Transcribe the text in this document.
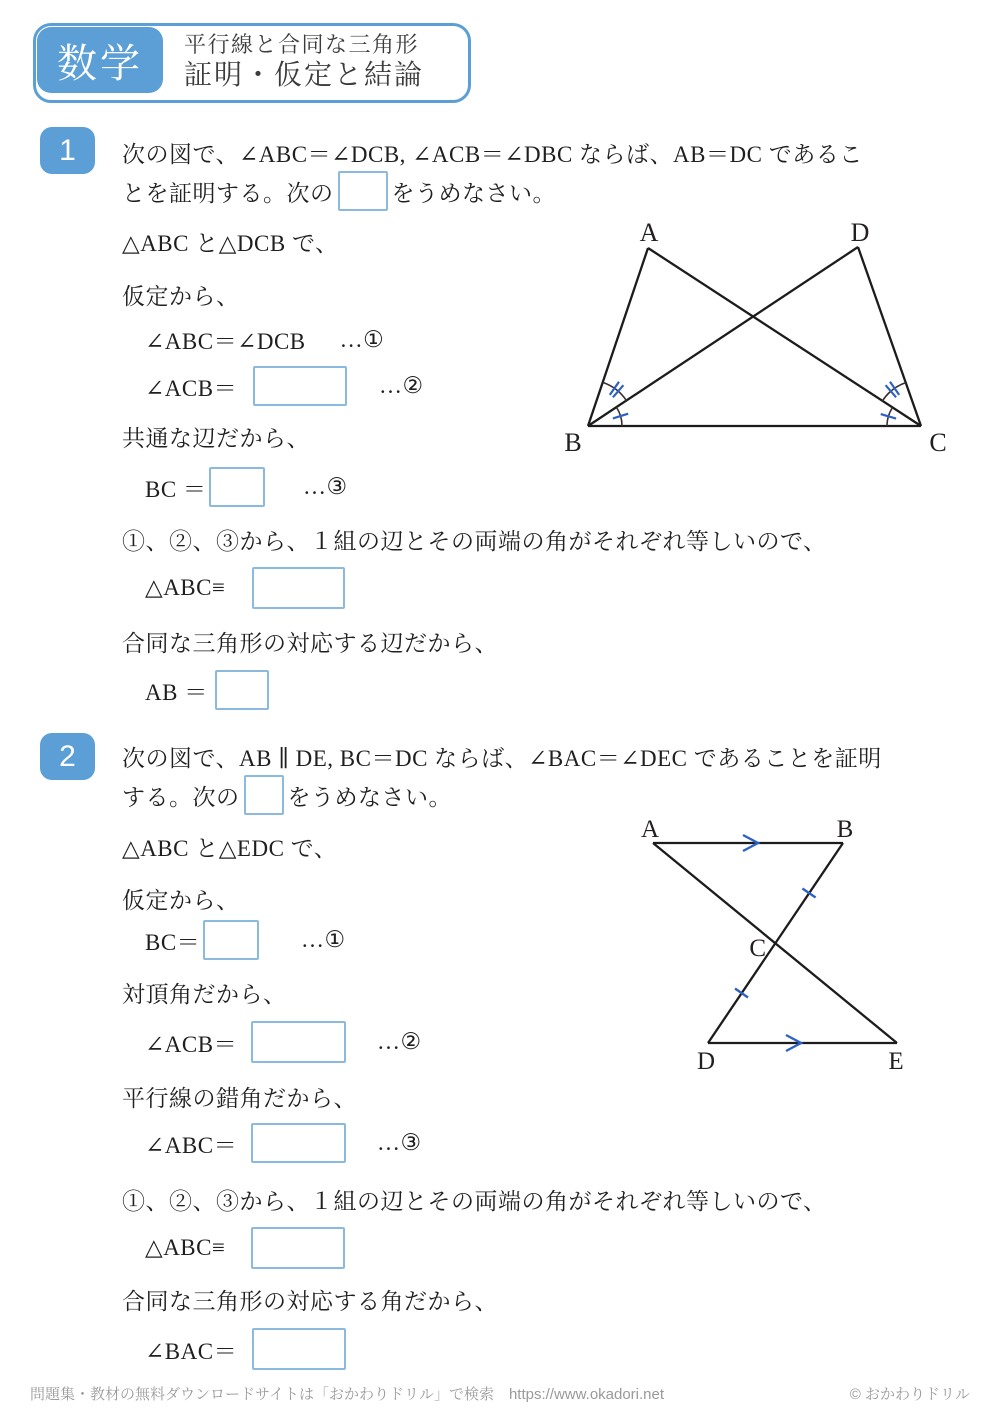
数学	平行線と合同な三角形
証明・仮定と結論
1	次の図で、∠ABC＝∠DCB, ∠ACB＝∠DBC ならば、AB＝DC であるこ
とを証明する。次の	をうめなさい。
△ABC と△DCB で、
仮定から、
∠ABC＝∠DCB …①
∠ACB＝	…②
共通な辺だから、
BC ＝	…③
①、②、③から、１組の辺とその両端の角がそれぞれ等しいので、
△ABC≡
合同な三角形の対応する辺だから、
AB ＝
A	D
B	C
2	次の図で、AB ∥ DE, BC＝DC ならば、∠BAC＝∠DEC であることを証明
する。次の をうめなさい。
△ABC と△EDC で、
仮定から、
BC＝	…①
対頂角だから、
∠ACB＝	…②
平行線の錯角だから、
∠ABC＝	…③
①、②、③から、１組の辺とその両端の角がそれぞれ等しいので、
△ABC≡
合同な三角形の対応する角だから、
∠BAC＝
A	B
C
D	E
問題集・教材の無料ダウンロードサイトは「おかわりドリル」で検索　https://www.okadori.net	© おかわりドリル
